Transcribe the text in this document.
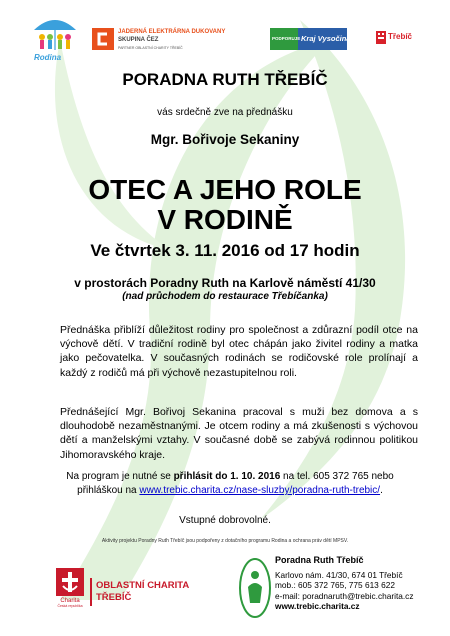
Rodina
JADERNÁ ELEKTRÁRNA DUKOVANY
SKUPINA ČEZ
PARTNER OBLASTNÍ CHARITY TŘEBÍČ
PODPORUJE Kraj Vysočina	Třebíč
PORADNA RUTH TŘEBÍČ
vás srdečně zve na přednášku
Mgr. Bořivoje Sekaniny
OTEC A JEHO ROLE
V RODINĚ
Ve čtvrtek 3. 11. 2016 od 17 hodin
v prostorách Poradny Ruth na Karlově náměstí 41/30
(nad průchodem do restaurace Třebíčanka)
Přednáška přiblíží důležitost rodiny pro společnost a zdůrazní podíl otce na výchově dětí. V tradiční rodině byl otec chápán jako živitel rodiny a matka jako pečovatelka. V současných rodinách se rodičovské role prolínají a každý z rodičů má při výchově nezastupitelnou roli.
Přednášející Mgr. Bořivoj Sekanina pracoval s muži bez domova a s dlouhodobě nezaměstnanými. Je otcem rodiny a má zkušenosti s výchovou dětí a manželskými vztahy. V současné době se zabývá rodinnou politikou Jihomoravského kraje.
Na program je nutné se přihlásit do 1. 10. 2016 na tel. 605 372 765 nebo
přihláškou na www.trebic.charita.cz/nase-sluzby/poradna-ruth-trebic/.
Vstupné dobrovolné.
Aktivity projektu Poradny Ruth Třebíč jsou podpořeny z dotačního programu Rodina a ochrana práv dětí MPSV.
Charita
Česká republika
OBLASTNÍ CHARITA
TŘEBÍČ
Poradna Ruth Třebíč
Karlovo nám. 41/30, 674 01 Třebíč
mob.: 605 372 765, 775 613 622
e-mail: poradnaruth@trebic.charita.cz
www.trebic.charita.cz
